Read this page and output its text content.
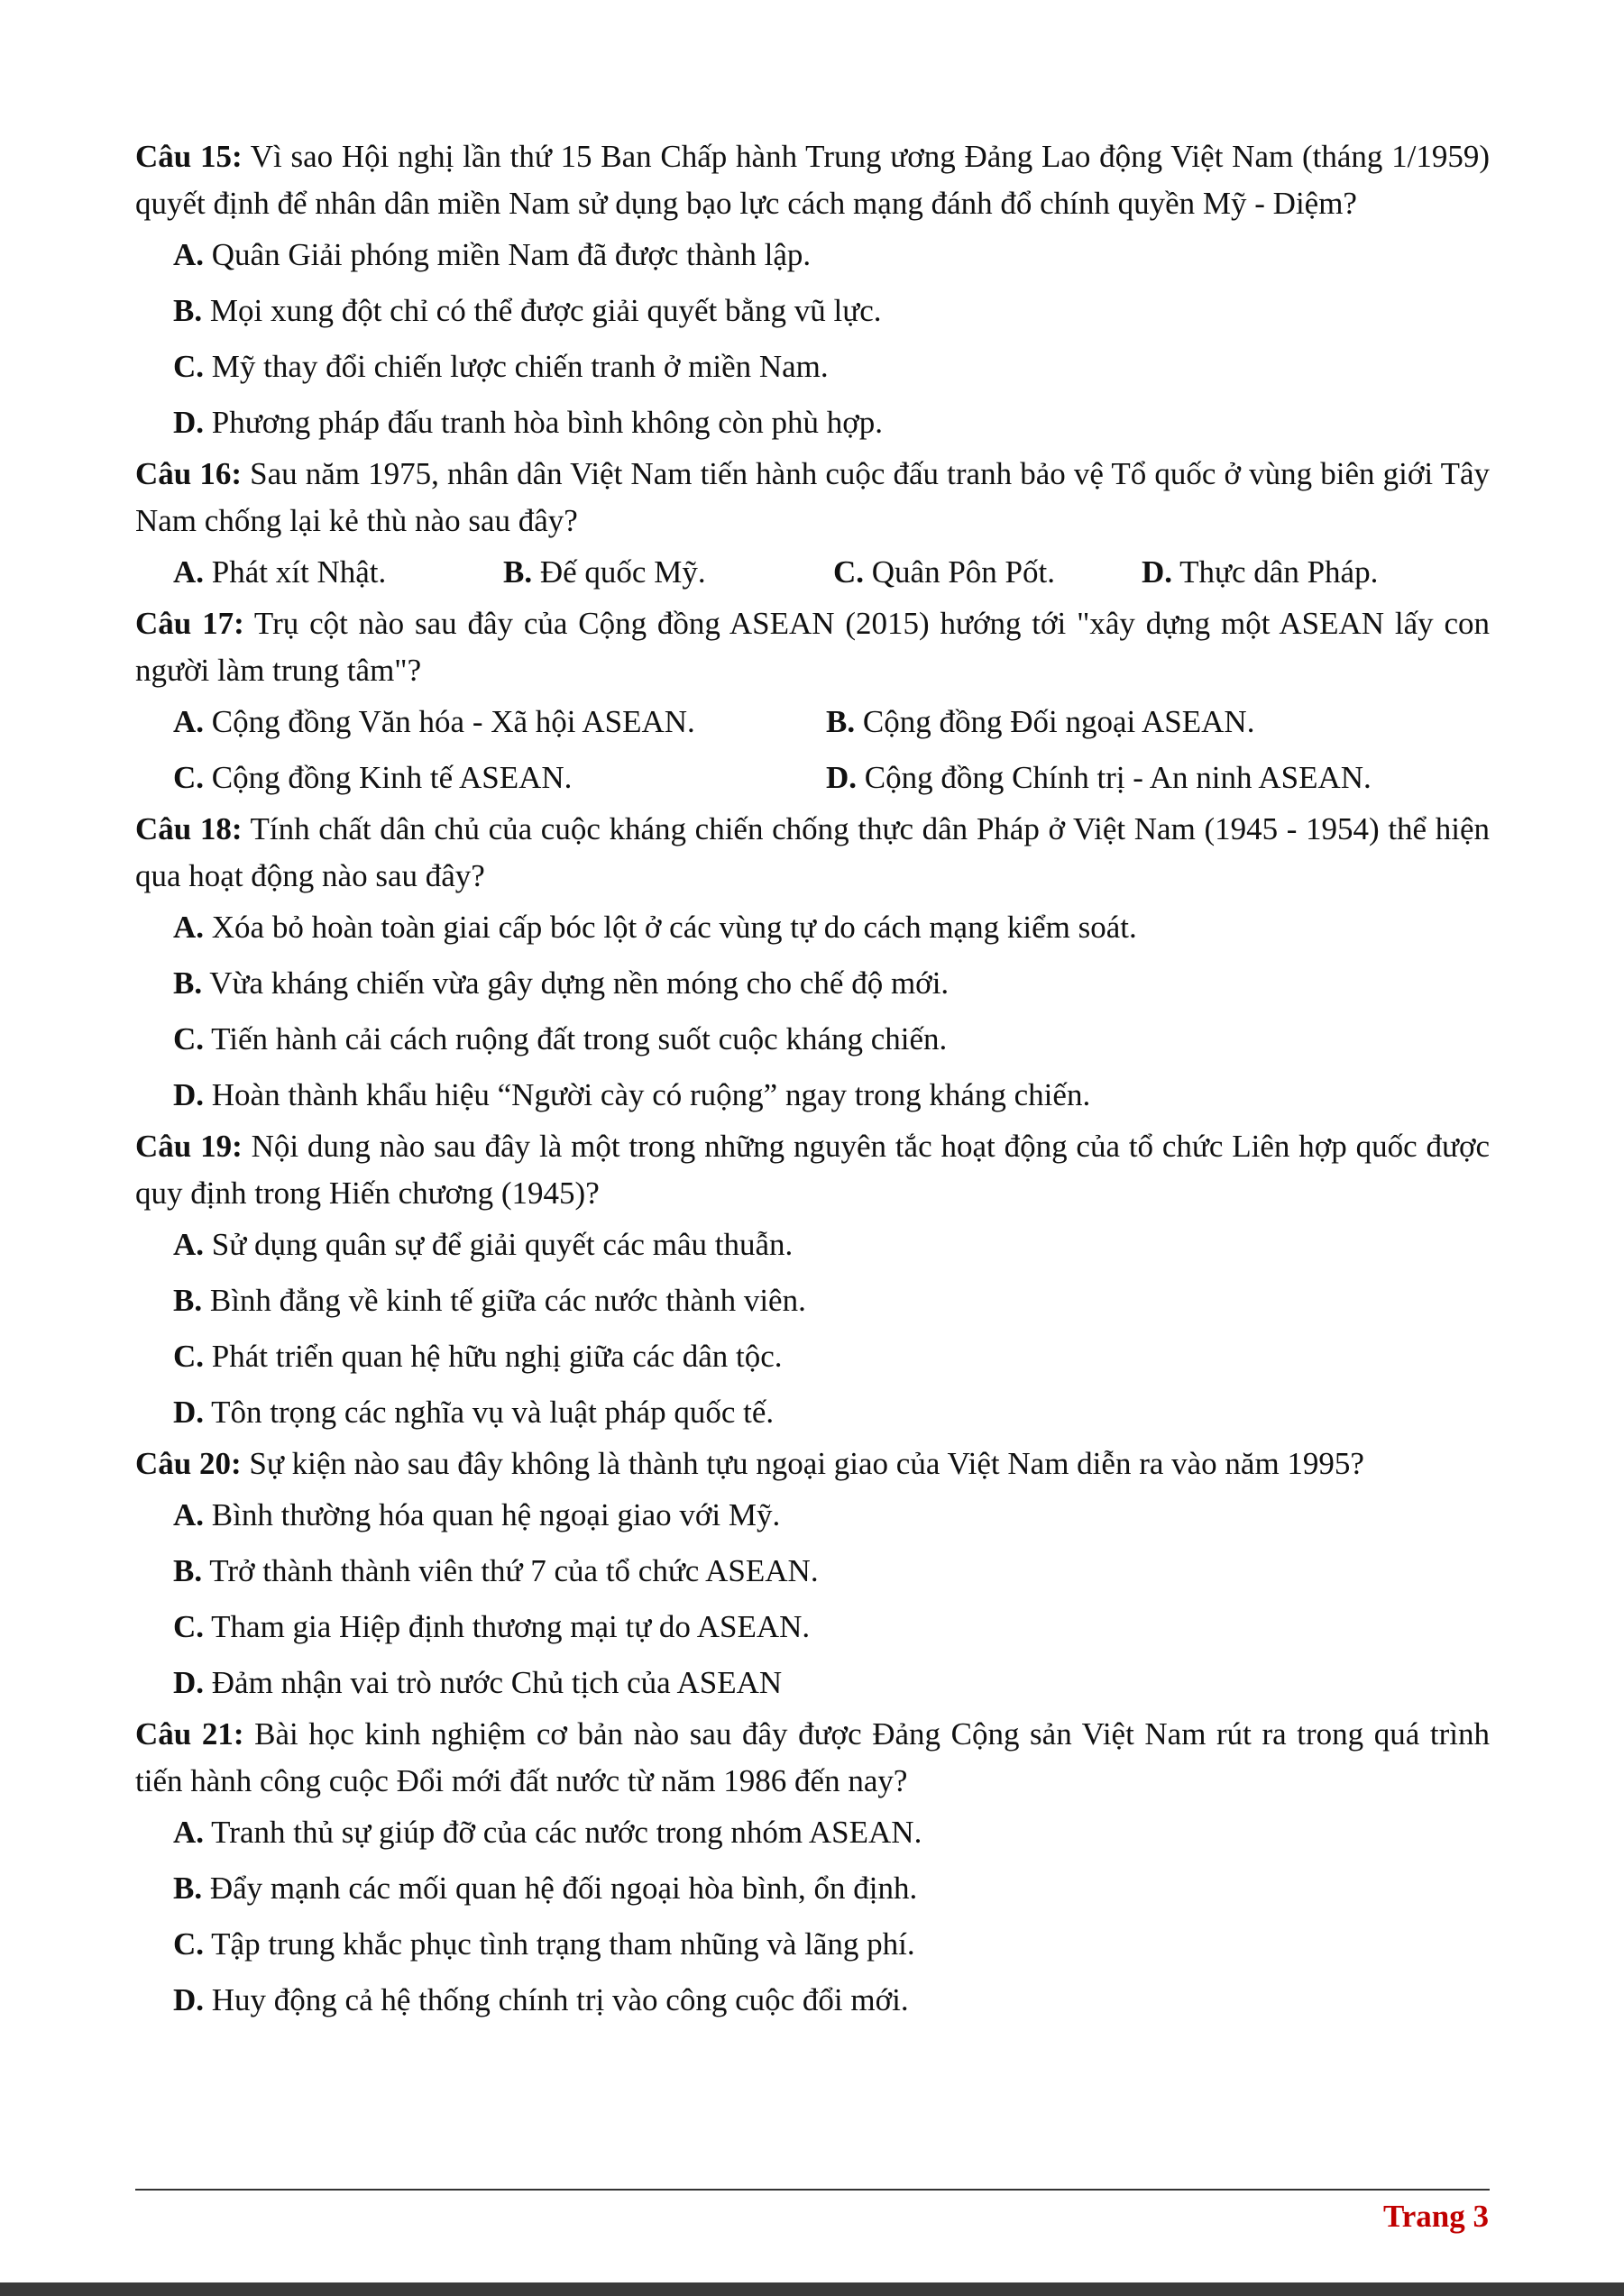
Câu 15: Vì sao Hội nghị lần thứ 15 Ban Chấp hành Trung ương Đảng Lao động Việt Nam (tháng 1/1959) quyết định để nhân dân miền Nam sử dụng bạo lực cách mạng đánh đổ chính quyền Mỹ - Diệm?

A. Quân Giải phóng miền Nam đã được thành lập.

B. Mọi xung đột chỉ có thể được giải quyết bằng vũ lực.

C. Mỹ thay đổi chiến lược chiến tranh ở miền Nam.

D. Phương pháp đấu tranh hòa bình không còn phù hợp.

Câu 16: Sau năm 1975, nhân dân Việt Nam tiến hành cuộc đấu tranh bảo vệ Tổ quốc ở vùng biên giới Tây Nam chống lại kẻ thù nào sau đây?

A. Phát xít Nhật.	B. Đế quốc Mỹ.	C. Quân Pôn Pốt.	D. Thực dân Pháp.

Câu 17: Trụ cột nào sau đây của Cộng đồng ASEAN (2015) hướng tới "xây dựng một ASEAN lấy con người làm trung tâm"?

A. Cộng đồng Văn hóa - Xã hội ASEAN.	B. Cộng đồng Đối ngoại ASEAN.
C. Cộng đồng Kinh tế ASEAN.	D. Cộng đồng Chính trị - An ninh ASEAN.

Câu 18: Tính chất dân chủ của cuộc kháng chiến chống thực dân Pháp ở Việt Nam (1945 - 1954) thể hiện qua hoạt động nào sau đây?

A. Xóa bỏ hoàn toàn giai cấp bóc lột ở các vùng tự do cách mạng kiểm soát.

B. Vừa kháng chiến vừa gây dựng nền móng cho chế độ mới.

C. Tiến hành cải cách ruộng đất trong suốt cuộc kháng chiến.

D. Hoàn thành khẩu hiệu “Người cày có ruộng” ngay trong kháng chiến.

Câu 19: Nội dung nào sau đây là một trong những nguyên tắc hoạt động của tổ chức Liên hợp quốc được quy định trong Hiến chương (1945)?

A. Sử dụng quân sự để giải quyết các mâu thuẫn.

B. Bình đẳng về kinh tế giữa các nước thành viên.

C. Phát triển quan hệ hữu nghị giữa các dân tộc.

D. Tôn trọng các nghĩa vụ và luật pháp quốc tế.

Câu 20: Sự kiện nào sau đây không là thành tựu ngoại giao của Việt Nam diễn ra vào năm 1995?

A. Bình thường hóa quan hệ ngoại giao với Mỹ.

B. Trở thành thành viên thứ 7 của tổ chức ASEAN.

C. Tham gia Hiệp định thương mại tự do ASEAN.

D. Đảm nhận vai trò nước Chủ tịch của ASEAN

Câu 21: Bài học kinh nghiệm cơ bản nào sau đây được Đảng Cộng sản Việt Nam rút ra trong quá trình tiến hành công cuộc Đổi mới đất nước từ năm 1986 đến nay?

A. Tranh thủ sự giúp đỡ của các nước trong nhóm ASEAN.

B. Đẩy mạnh các mối quan hệ đối ngoại hòa bình, ổn định.

C. Tập trung khắc phục tình trạng tham nhũng và lãng phí.

D. Huy động cả hệ thống chính trị vào công cuộc đổi mới.

Trang 3
